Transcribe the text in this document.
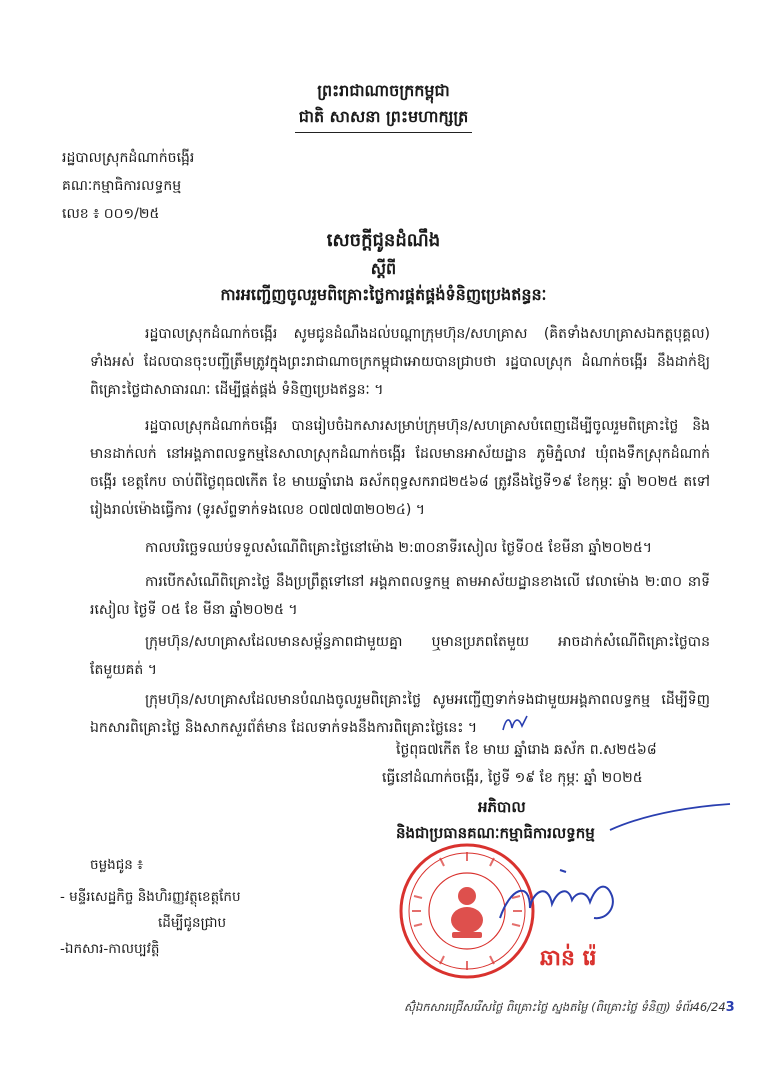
ព្រះរាជាណាចក្រកម្ពុជា
ជាតិ សាសនា ព្រះមហាក្សត្រ
រដ្ឋបាលស្រុកដំណាក់ចង្អើរ
គណៈកម្មាធិការលទ្ធកម្ម
លេខ ៖ ០០១/២៥
សេចក្តីជូនដំណឹង
ស្តីពី
ការអញ្ជើញចូលរួមពិគ្រោះថ្លៃការផ្គត់ផ្គង់ទំនិញប្រេងឥន្ធនៈ
រដ្ឋបាលស្រុកដំណាក់ចង្អើរ សូមជូនដំណឹងដល់បណ្តាក្រុមហ៊ុន/សហគ្រាស (គិតទាំងសហគ្រាសឯកត្តបុគ្គល) ទាំងអស់ ដែលបានចុះបញ្ជីត្រឹមត្រូវក្នុងព្រះរាជាណាចក្រកម្ពុជាអោយបានជ្រាបថា រដ្ឋបាលស្រុក ដំណាក់ចង្អើរ នឹងដាក់ឱ្យពិគ្រោះថ្លៃជាសាធារណៈ ដើម្បីផ្គត់ផ្គង់ ទំនិញប្រេងឥន្ធនៈ ។
រដ្ឋបាលស្រុកដំណាក់ចង្អើរ បានរៀបចំឯកសារសម្រាប់ក្រុមហ៊ុន/សហគ្រាសបំពេញដើម្បីចូលរួមពិគ្រោះថ្លៃ និង មានដាក់លក់ នៅអង្គភាពលទ្ធកម្មនៃសាលាស្រុកដំណាក់ចង្អើរ ដែលមានអាស័យដ្ឋាន ភូមិភ្នំលាវ ឃុំពងទឹកស្រុកដំណាក់ចង្អើរ ខេត្តកែប ចាប់ពីថ្ងៃពុធ៧កើត ខែ មាឃឆ្នាំរោង ឆស័កពុទ្ធសករាជ២៥៦៨ ត្រូវនឹងថ្ងៃទី១៩ ខែកុម្ភៈ ឆ្នាំ ២០២៥ តទៅ រៀងរាល់ម៉ោងធ្វើការ (ទូរស័ព្ទទាក់ទងលេខ ០៧៧៧៣២០២៤) ។
កាលបរិច្ឆេទឈប់ទទួលសំណើពិគ្រោះថ្លៃនៅម៉ោង ២:៣០នាទីរសៀល ថ្ងៃទី០៥ ខែមីនា ឆ្នាំ២០២៥។
ការបើកសំណើពិគ្រោះថ្លៃ នឹងប្រព្រឹត្តទៅនៅ អង្គភាពលទ្ធកម្ម តាមអាស័យដ្ឋានខាងលើ វេលាម៉ោង ២:៣០ នាទីរសៀល ថ្ងៃទី ០៥ ខែ មីនា ឆ្នាំ២០២៥ ។
ក្រុមហ៊ុន/សហគ្រាសដែលមានសម្ព័ន្ធភាពជាមួយគ្នា ឬមានប្រភពតែមួយ អាចដាក់សំណើពិគ្រោះថ្លៃបានតែមួយគត់ ។
ក្រុមហ៊ុន/សហគ្រាសដែលមានបំណងចូលរួមពិគ្រោះថ្លៃ សូមអញ្ជើញទាក់ទងជាមួយអង្គភាពលទ្ធកម្ម ដើម្បីទិញឯកសារពិគ្រោះថ្លៃ និងសាកសួរព័ត៌មាន ដែលទាក់ទងនឹងការពិគ្រោះថ្លៃនេះ ។
ថ្ងៃពុធ៧កើត ខែ មាឃ ឆ្នាំរោង ឆស័ក ព.ស២៥៦៨
ធ្វើនៅដំណាក់ចង្អើរ, ថ្ងៃទី ១៩ ខែ កុម្ភៈ ឆ្នាំ ២០២៥
អភិបាល
និងជាប្រធានគណៈកម្មាធិការលទ្ធកម្ម
ឆាន់ រ៉េ
ចម្លងជូន ៖
- មន្ទីរសេដ្ឋកិច្ច និងហិរញ្ញវត្ថុខេត្តកែប
ដើម្បីជូនជ្រាប
-ឯកសារ-កាលប្បវត្តិ
ស៊ុំឯកសារជ្រើសរើសថ្លៃ ពិគ្រោះថ្លៃ ស្នងតម្លៃ (ពិគ្រោះថ្លៃ ទំនិញ) ទំព័រ46/243
